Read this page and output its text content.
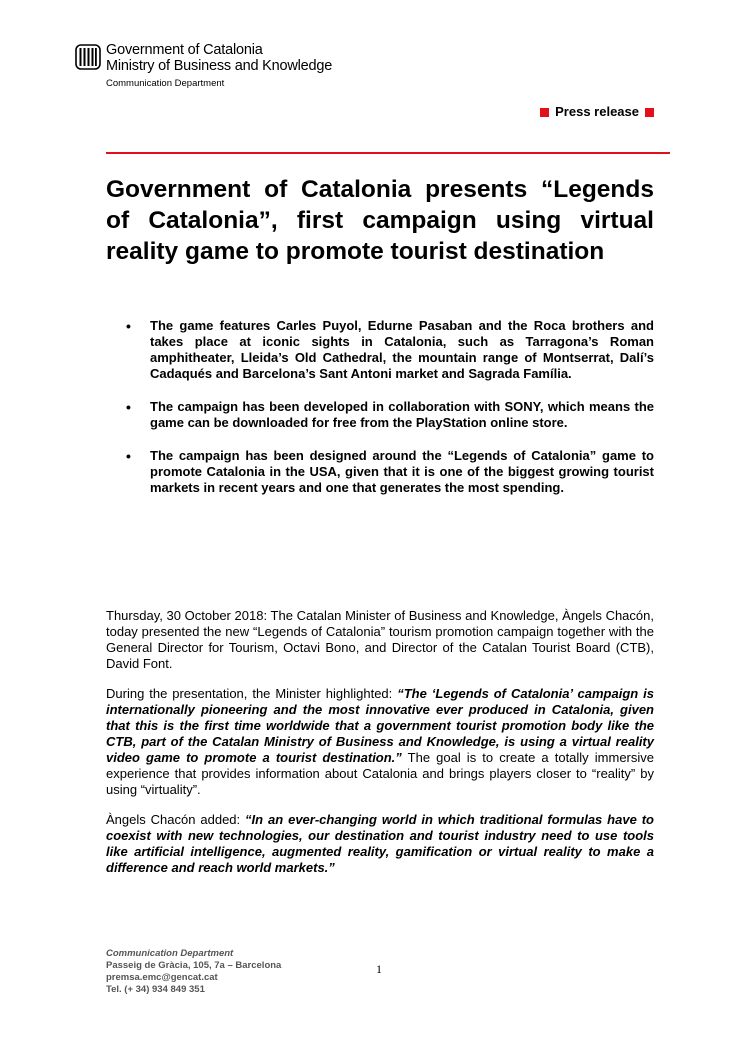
Government of Catalonia
Ministry of Business and Knowledge
Communication Department
Press release
Government of Catalonia presents “Legends of Catalonia”, first campaign using virtual reality game to promote tourist destination
• The game features Carles Puyol, Edurne Pasaban and the Roca brothers and takes place at iconic sights in Catalonia, such as Tarragona’s Roman amphitheater, Lleida’s Old Cathedral, the mountain range of Montserrat, Dalí’s Cadaqués and Barcelona’s Sant Antoni market and Sagrada Família.
• The campaign has been developed in collaboration with SONY, which means the game can be downloaded for free from the PlayStation online store.
• The campaign has been designed around the “Legends of Catalonia” game to promote Catalonia in the USA, given that it is one of the biggest growing tourist markets in recent years and one that generates the most spending.

Thursday, 30 October 2018: The Catalan Minister of Business and Knowledge, Àngels Chacón, today presented the new “Legends of Catalonia” tourism promotion campaign together with the General Director for Tourism, Octavi Bono, and Director of the Catalan Tourist Board (CTB), David Font.

During the presentation, the Minister highlighted: “The ‘Legends of Catalonia’ campaign is internationally pioneering and the most innovative ever produced in Catalonia, given that this is the first time worldwide that a government tourist promotion body like the CTB, part of the Catalan Ministry of Business and Knowledge, is using a virtual reality video game to promote a tourist destination.” The goal is to create a totally immersive experience that provides information about Catalonia and brings players closer to “reality” by using “virtuality”.

Àngels Chacón added: “In an ever-changing world in which traditional formulas have to coexist with new technologies, our destination and tourist industry need to use tools like artificial intelligence, augmented reality, gamification or virtual reality to make a difference and reach world markets.”

Communication Department
Passeig de Gràcia, 105, 7a – Barcelona
premsa.emc@gencat.cat
Tel. (+ 34) 934 849 351
1
